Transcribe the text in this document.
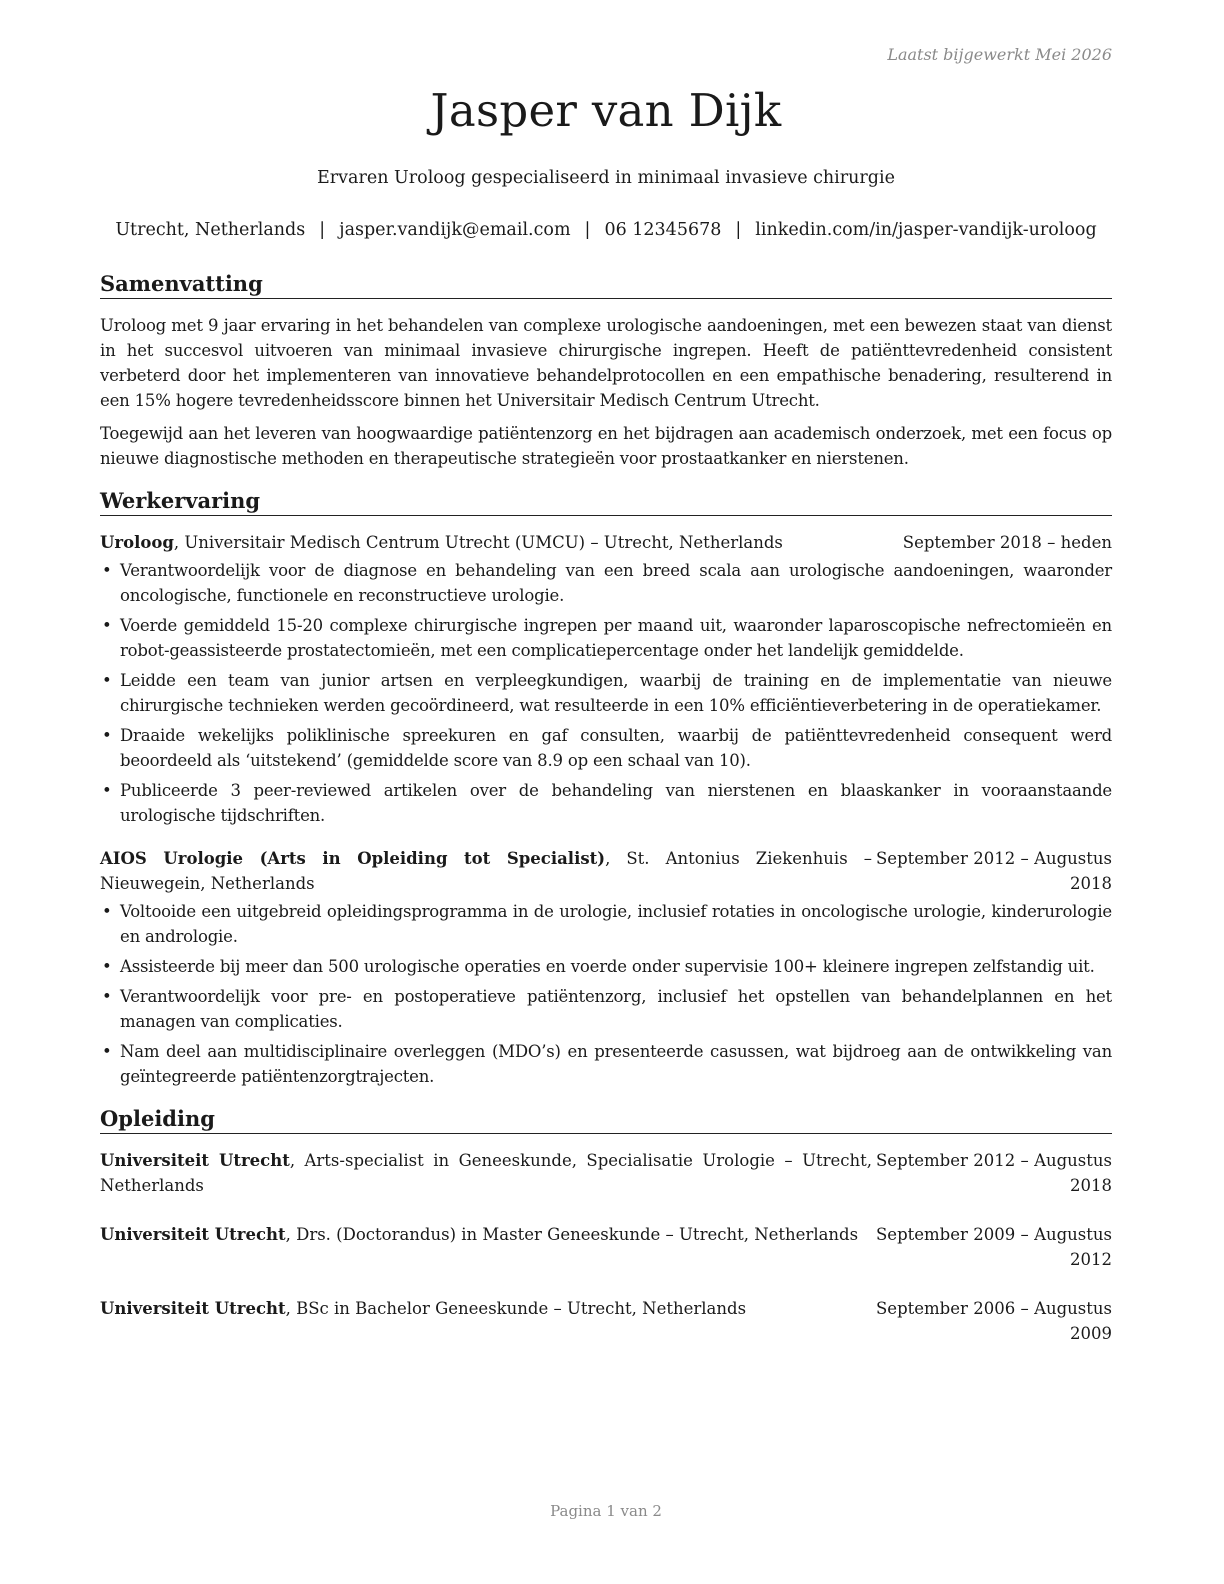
Laatst bijgewerkt Mei 2026
Jasper van Dijk
Ervaren Uroloog gespecialiseerd in minimaal invasieve chirurgie
Utrecht, Netherlands | jasper.vandijk@email.com | 06 12345678 | linkedin.com/in/jasper-vandijk-uroloog
Samenvatting

Uroloog met 9 jaar ervaring in het behandelen van complexe urologische aandoeningen, met een bewezen staat van dienst in het succesvol uitvoeren van minimaal invasieve chirurgische ingrepen. Heeft de patiënttevredenheid consistent verbeterd door het implementeren van innovatieve behandelprotocollen en een empathische benadering, resulterend in een 15% hogere tevredenheidsscore binnen het Universitair Medisch Centrum Utrecht.

Toegewijd aan het leveren van hoogwaardige patiëntenzorg en het bijdragen aan academisch onderzoek, met een focus op nieuwe diagnostische methoden en therapeutische strategieën voor prostaatkanker en nierstenen.

Werkervaring
Uroloog, Universitair Medisch Centrum Utrecht (UMCU) – Utrecht, Netherlands	September 2018 – heden
• Verantwoordelijk voor de diagnose en behandeling van een breed scala aan urologische aandoeningen, waaronder oncologische, functionele en reconstructieve urologie.
• Voerde gemiddeld 15-20 complexe chirurgische ingrepen per maand uit, waaronder laparoscopische nefrectomieën en robot-geassisteerde prostatectomieën, met een complicatiepercentage onder het landelijk gemiddelde.
• Leidde een team van junior artsen en verpleegkundigen, waarbij de training en de implementatie van nieuwe chirurgische technieken werden gecoördineerd, wat resulteerde in een 10% efficiëntieverbetering in de operatiekamer.
• Draaide wekelijks poliklinische spreekuren en gaf consulten, waarbij de patiënttevredenheid consequent werd beoordeeld als ‘uitstekend’ (gemiddelde score van 8.9 op een schaal van 10).
• Publiceerde 3 peer-reviewed artikelen over de behandeling van nierstenen en blaaskanker in vooraanstaande urologische tijdschriften.
AIOS Urologie (Arts in Opleiding tot Specialist), St. Antonius Ziekenhuis – Nieuwegein, Netherlands
September 2012 – Augustus 2018
• Voltooide een uitgebreid opleidingsprogramma in de urologie, inclusief rotaties in oncologische urologie, kinderurologie en andrologie.
• Assisteerde bij meer dan 500 urologische operaties en voerde onder supervisie 100+ kleinere ingrepen zelfstandig uit.
• Verantwoordelijk voor pre- en postoperatieve patiëntenzorg, inclusief het opstellen van behandelplannen en het managen van complicaties.
• Nam deel aan multidisciplinaire overleggen (MDO’s) en presenteerde casussen, wat bijdroeg aan de ontwikkeling van geïntegreerde patiëntenzorgtrajecten.
Opleiding
Universiteit Utrecht, Arts-specialist in Geneeskunde, Specialisatie Urologie – Utrecht, Netherlands
September 2012 – Augustus 2018
Universiteit Utrecht, Drs. (Doctorandus) in Master Geneeskunde – Utrecht, Netherlands	September 2009 – Augustus 2012
Universiteit Utrecht, BSc in Bachelor Geneeskunde – Utrecht, Netherlands	September 2006 – Augustus 2009
Pagina 1 van 2
